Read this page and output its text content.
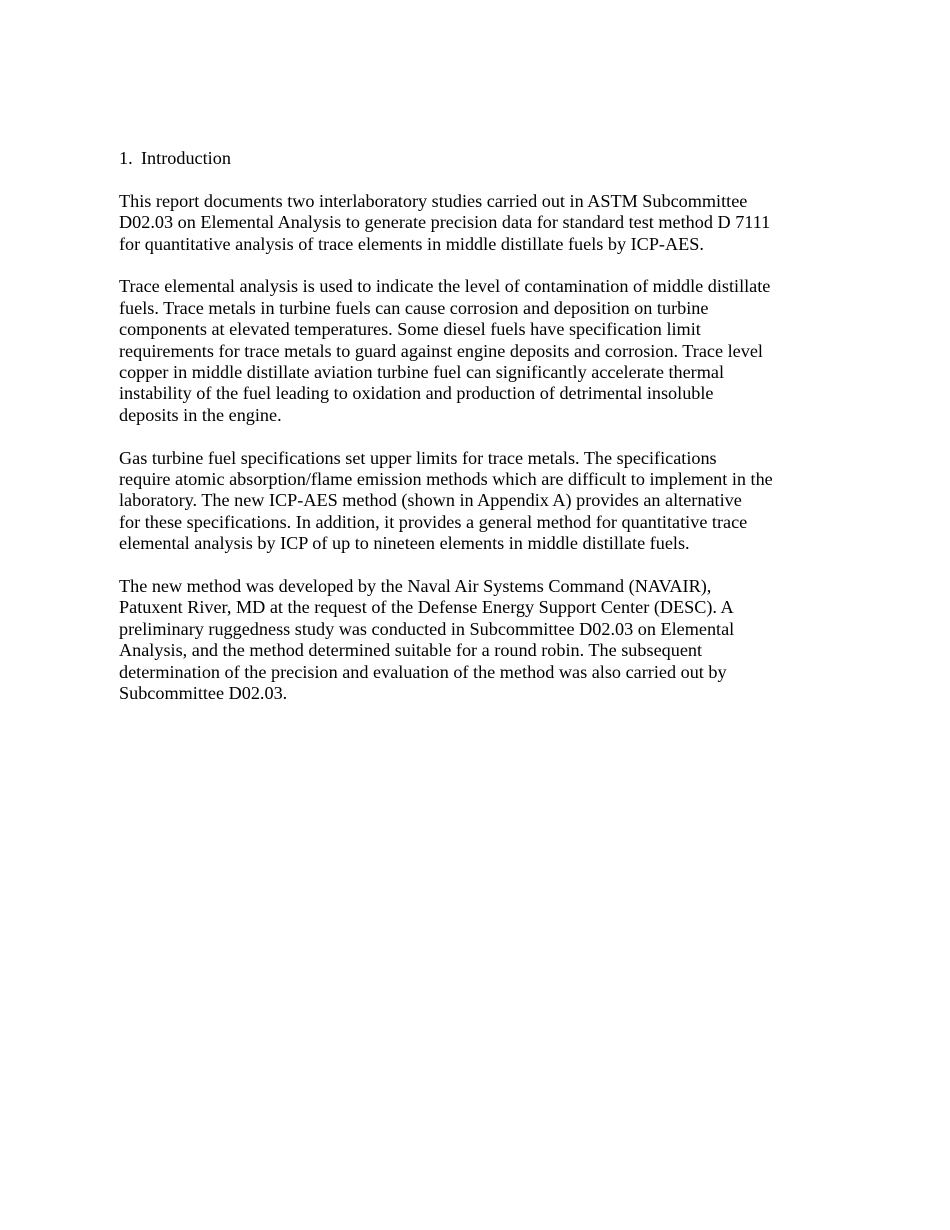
1. Introduction
This report documents two interlaboratory studies carried out in ASTM Subcommittee
D02.03 on Elemental Analysis to generate precision data for standard test method D 7111
for quantitative analysis of trace elements in middle distillate fuels by ICP-AES.
Trace elemental analysis is used to indicate the level of contamination of middle distillate
fuels. Trace metals in turbine fuels can cause corrosion and deposition on turbine
components at elevated temperatures. Some diesel fuels have specification limit
requirements for trace metals to guard against engine deposits and corrosion. Trace level
copper in middle distillate aviation turbine fuel can significantly accelerate thermal
instability of the fuel leading to oxidation and production of detrimental insoluble
deposits in the engine.
Gas turbine fuel specifications set upper limits for trace metals. The specifications
require atomic absorption/flame emission methods which are difficult to implement in the
laboratory. The new ICP-AES method (shown in Appendix A) provides an alternative
for these specifications. In addition, it provides a general method for quantitative trace
elemental analysis by ICP of up to nineteen elements in middle distillate fuels.
The new method was developed by the Naval Air Systems Command (NAVAIR),
Patuxent River, MD at the request of the Defense Energy Support Center (DESC). A
preliminary ruggedness study was conducted in Subcommittee D02.03 on Elemental
Analysis, and the method determined suitable for a round robin. The subsequent
determination of the precision and evaluation of the method was also carried out by
Subcommittee D02.03.
